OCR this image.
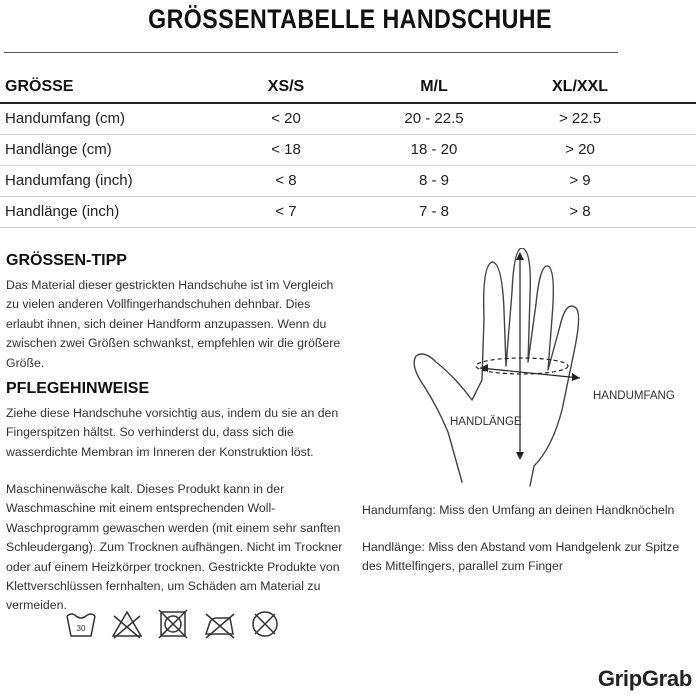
GRÖSSENTABELLE HANDSCHUHE
GRÖSSE	XS/S	M/L	XL/XXL
Handumfang (cm)	< 20	20 - 22.5	> 22.5
Handlänge (cm)	< 18	18 - 20	> 20
Handumfang (inch)	< 8	8 - 9	> 9
Handlänge (inch)	< 7	7 - 8	> 8
GRÖSSEN-TIPP
Das Material dieser gestrickten Handschuhe ist im Vergleich zu vielen anderen Vollfingerhandschuhen dehnbar. Dies erlaubt ihnen, sich deiner Handform anzupassen. Wenn du zwischen zwei Größen schwankst, empfehlen wir die größere Größe.
PFLEGEHINWEISE
Ziehe diese Handschuhe vorsichtig aus, indem du sie an den Fingerspitzen hältst. So verhinderst du, dass sich die wasserdichte Membran im Inneren der Konstruktion löst.
Maschinenwäsche kalt. Dieses Produkt kann in der Waschmaschine mit einem entsprechenden Woll-Waschprogramm gewaschen werden (mit einem sehr sanften Schleudergang). Zum Trocknen aufhängen. Nicht im Trockner oder auf einem Heizkörper trocknen. Gestrickte Produkte von Klettverschlüssen fernhalten, um Schäden am Material zu vermeiden.
30
HANDUMFANG
HANDLÄNGE
Handumfang: Miss den Umfang an deinen Handknöcheln
Handlänge: Miss den Abstand vom Handgelenk zur Spitze des Mittelfingers, parallel zum Finger
GripGrab
